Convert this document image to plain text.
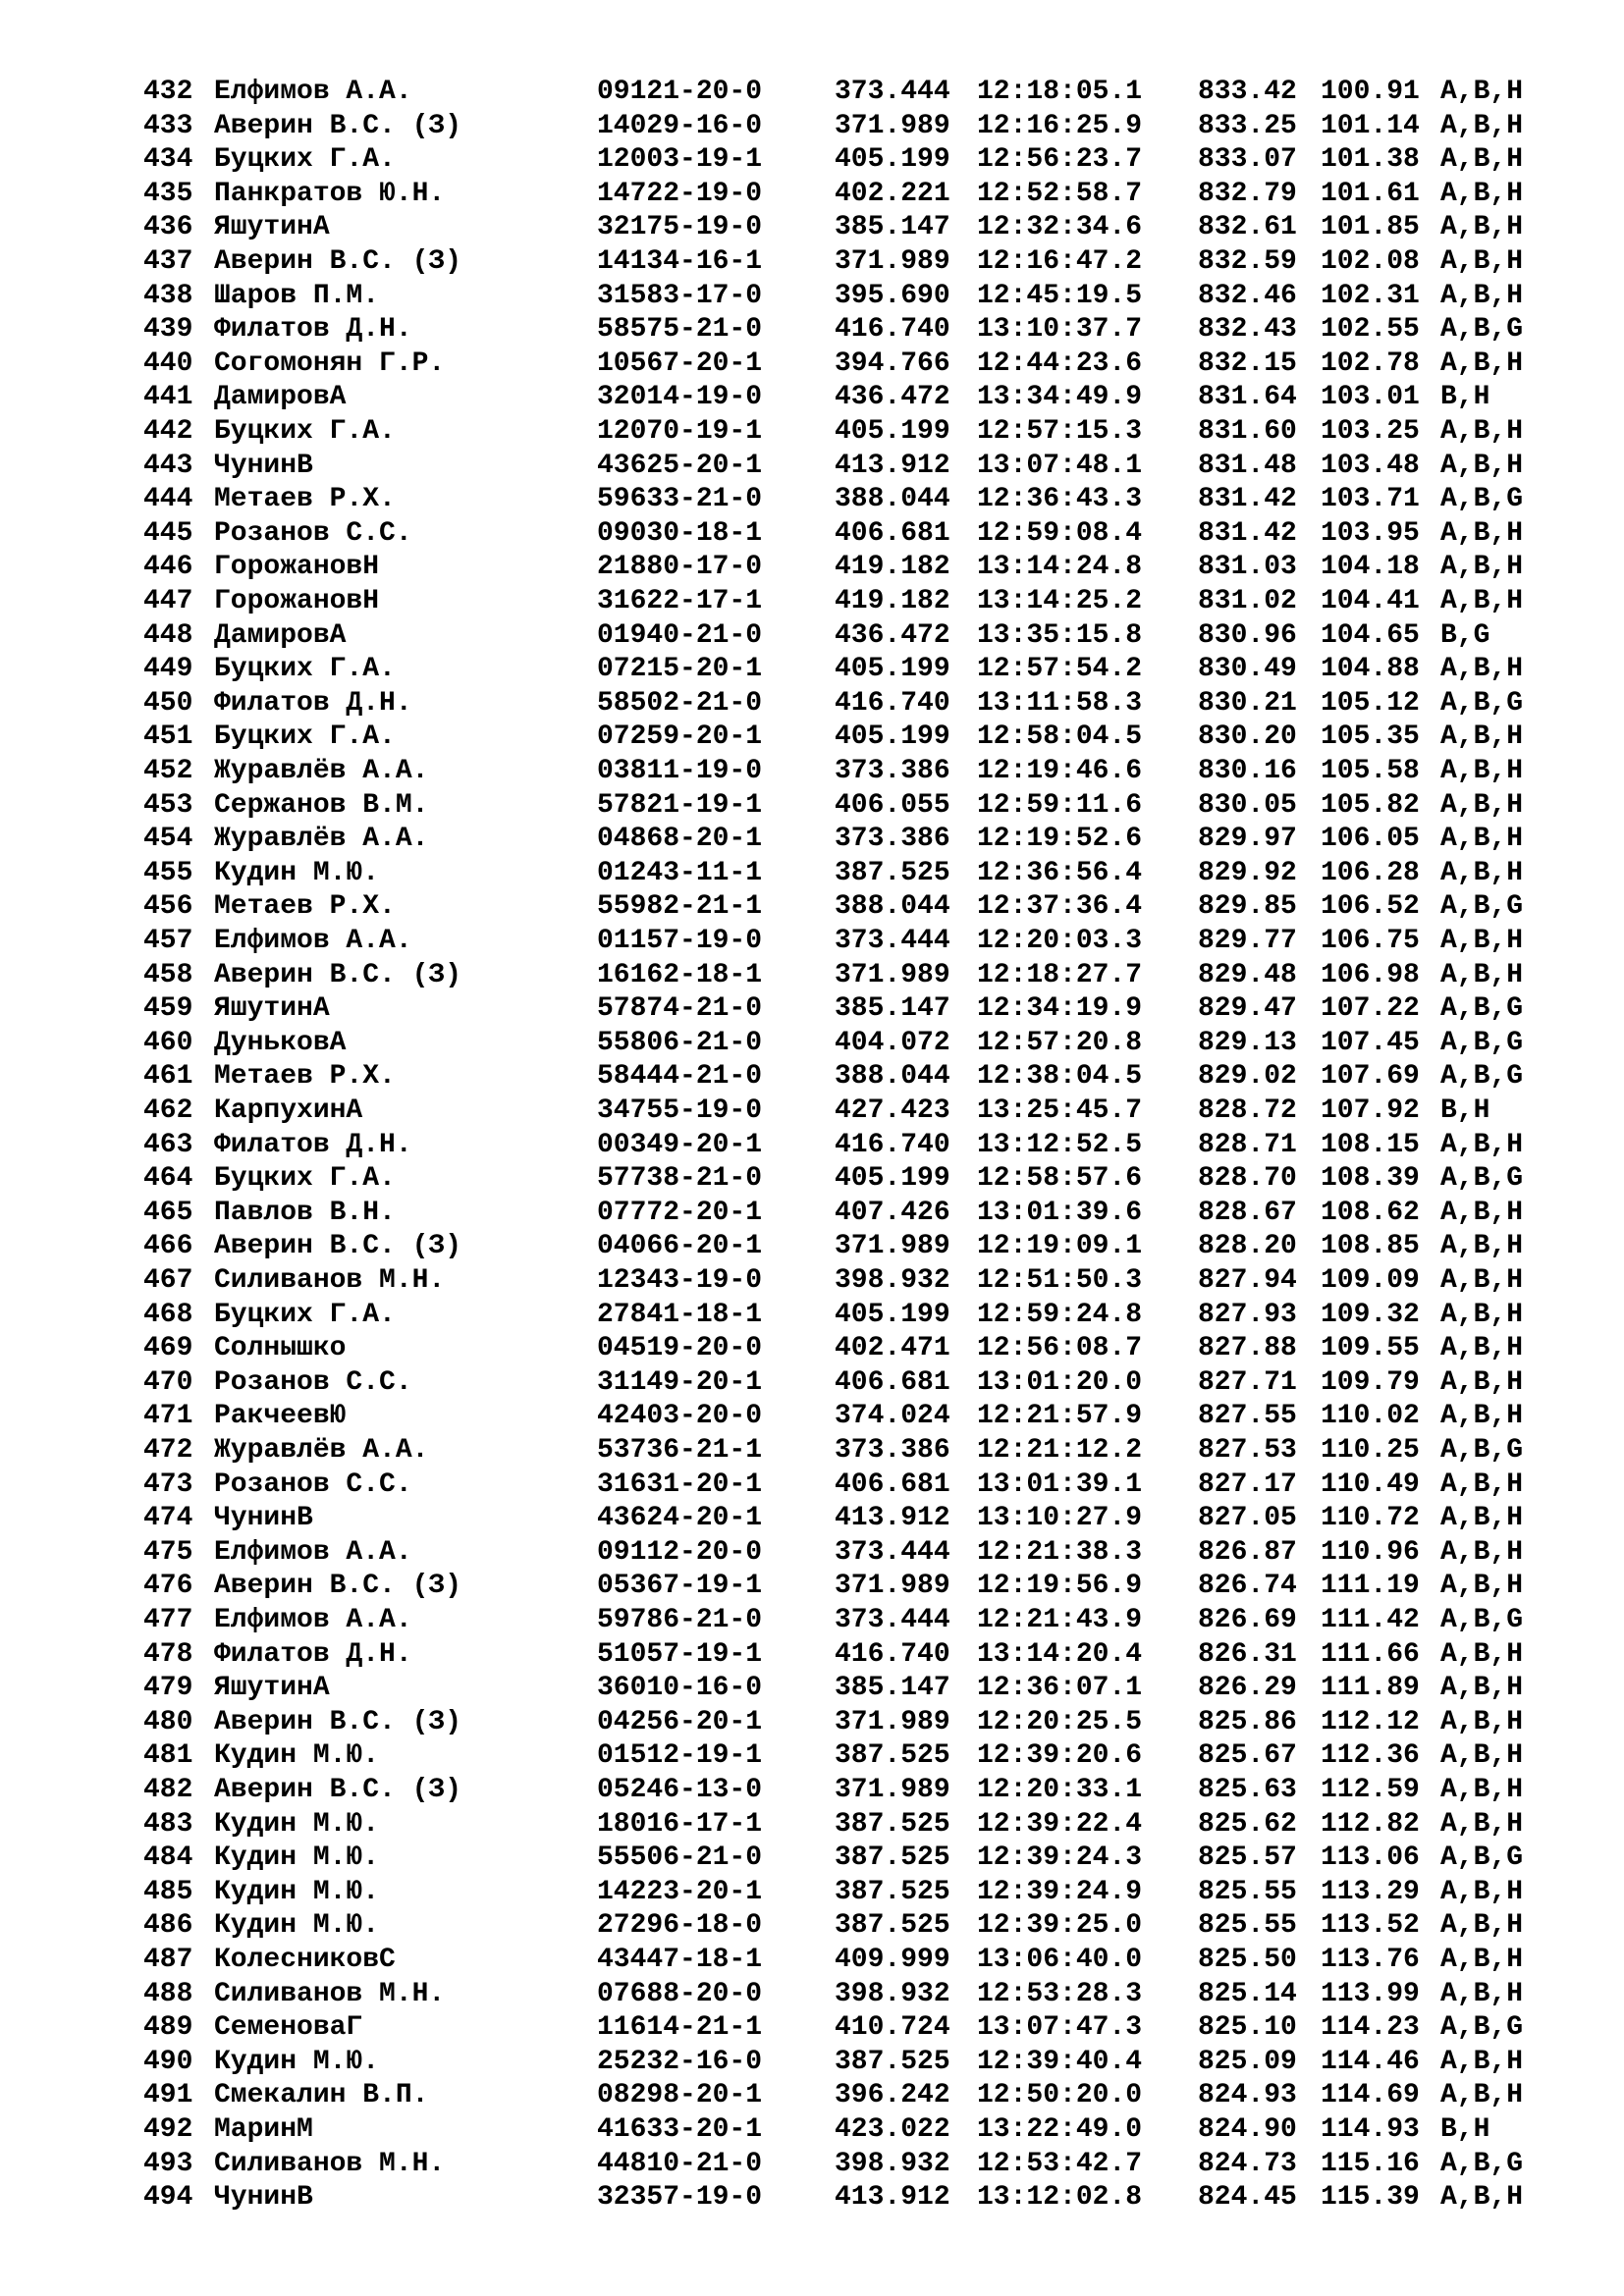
432 Елфимов А.А.	09121-20-0	373.444 12:18:05.1 833.42 100.91 A,B,H
433 Аверин В.С. (З)	14029-16-0	371.989 12:16:25.9 833.25 101.14 A,B,H
434 Буцких Г.А.	12003-19-1	405.199 12:56:23.7 833.07 101.38 A,B,H
435 Панкратов Ю.Н.	14722-19-0	402.221 12:52:58.7 832.79 101.61 A,B,H
436 ЯшутинА	32175-19-0	385.147 12:32:34.6 832.61 101.85 A,B,H
437 Аверин В.С. (З)	14134-16-1	371.989 12:16:47.2 832.59 102.08 A,B,H
438 Шаров П.М.	31583-17-0	395.690 12:45:19.5 832.46 102.31 A,B,H
439 Филатов Д.Н.	58575-21-0	416.740 13:10:37.7 832.43 102.55 A,B,G
440 Согомонян Г.Р.	10567-20-1	394.766 12:44:23.6 832.15 102.78 A,B,H
441 ДамировА	32014-19-0	436.472 13:34:49.9 831.64 103.01 B,H
442 Буцких Г.А.	12070-19-1	405.199 12:57:15.3 831.60 103.25 A,B,H
443 ЧунинВ	43625-20-1	413.912 13:07:48.1 831.48 103.48 A,B,H
444 Метаев Р.Х.	59633-21-0	388.044 12:36:43.3 831.42 103.71 A,B,G
445 Розанов С.С.	09030-18-1	406.681 12:59:08.4 831.42 103.95 A,B,H
446 ГорожановН	21880-17-0	419.182 13:14:24.8 831.03 104.18 A,B,H
447 ГорожановН	31622-17-1	419.182 13:14:25.2 831.02 104.41 A,B,H
448 ДамировА	01940-21-0	436.472 13:35:15.8 830.96 104.65 B,G
449 Буцких Г.А.	07215-20-1	405.199 12:57:54.2 830.49 104.88 A,B,H
450 Филатов Д.Н.	58502-21-0	416.740 13:11:58.3 830.21 105.12 A,B,G
451 Буцких Г.А.	07259-20-1	405.199 12:58:04.5 830.20 105.35 A,B,H
452 Журавлёв А.А.	03811-19-0	373.386 12:19:46.6 830.16 105.58 A,B,H
453 Сержанов В.М.	57821-19-1	406.055 12:59:11.6 830.05 105.82 A,B,H
454 Журавлёв А.А.	04868-20-1	373.386 12:19:52.6 829.97 106.05 A,B,H
455 Кудин М.Ю.	01243-11-1	387.525 12:36:56.4 829.92 106.28 A,B,H
456 Метаев Р.Х.	55982-21-1	388.044 12:37:36.4 829.85 106.52 A,B,G
457 Елфимов А.А.	01157-19-0	373.444 12:20:03.3 829.77 106.75 A,B,H
458 Аверин В.С. (З)	16162-18-1	371.989 12:18:27.7 829.48 106.98 A,B,H
459 ЯшутинА	57874-21-0	385.147 12:34:19.9 829.47 107.22 A,B,G
460 ДуньковА	55806-21-0	404.072 12:57:20.8 829.13 107.45 A,B,G
461 Метаев Р.Х.	58444-21-0	388.044 12:38:04.5 829.02 107.69 A,B,G
462 КарпухинА	34755-19-0	427.423 13:25:45.7 828.72 107.92 B,H
463 Филатов Д.Н.	00349-20-1	416.740 13:12:52.5 828.71 108.15 A,B,H
464 Буцких Г.А.	57738-21-0	405.199 12:58:57.6 828.70 108.39 A,B,G
465 Павлов В.Н.	07772-20-1	407.426 13:01:39.6 828.67 108.62 A,B,H
466 Аверин В.С. (З)	04066-20-1	371.989 12:19:09.1 828.20 108.85 A,B,H
467 Силиванов М.Н.	12343-19-0	398.932 12:51:50.3 827.94 109.09 A,B,H
468 Буцких Г.А.	27841-18-1	405.199 12:59:24.8 827.93 109.32 A,B,H
469 Солнышко	04519-20-0	402.471 12:56:08.7 827.88 109.55 A,B,H
470 Розанов С.С.	31149-20-1	406.681 13:01:20.0 827.71 109.79 A,B,H
471 РакчеевЮ	42403-20-0	374.024 12:21:57.9 827.55 110.02 A,B,H
472 Журавлёв А.А.	53736-21-1	373.386 12:21:12.2 827.53 110.25 A,B,G
473 Розанов С.С.	31631-20-1	406.681 13:01:39.1 827.17 110.49 A,B,H
474 ЧунинВ	43624-20-1	413.912 13:10:27.9 827.05 110.72 A,B,H
475 Елфимов А.А.	09112-20-0	373.444 12:21:38.3 826.87 110.96 A,B,H
476 Аверин В.С. (З)	05367-19-1	371.989 12:19:56.9 826.74 111.19 A,B,H
477 Елфимов А.А.	59786-21-0	373.444 12:21:43.9 826.69 111.42 A,B,G
478 Филатов Д.Н.	51057-19-1	416.740 13:14:20.4 826.31 111.66 A,B,H
479 ЯшутинА	36010-16-0	385.147 12:36:07.1 826.29 111.89 A,B,H
480 Аверин В.С. (З)	04256-20-1	371.989 12:20:25.5 825.86 112.12 A,B,H
481 Кудин М.Ю.	01512-19-1	387.525 12:39:20.6 825.67 112.36 A,B,H
482 Аверин В.С. (З)	05246-13-0	371.989 12:20:33.1 825.63 112.59 A,B,H
483 Кудин М.Ю.	18016-17-1	387.525 12:39:22.4 825.62 112.82 A,B,H
484 Кудин М.Ю.	55506-21-0	387.525 12:39:24.3 825.57 113.06 A,B,G
485 Кудин М.Ю.	14223-20-1	387.525 12:39:24.9 825.55 113.29 A,B,H
486 Кудин М.Ю.	27296-18-0	387.525 12:39:25.0 825.55 113.52 A,B,H
487 КолесниковС	43447-18-1	409.999 13:06:40.0 825.50 113.76 A,B,H
488 Силиванов М.Н.	07688-20-0	398.932 12:53:28.3 825.14 113.99 A,B,H
489 СеменоваГ	11614-21-1	410.724 13:07:47.3 825.10 114.23 A,B,G
490 Кудин М.Ю.	25232-16-0	387.525 12:39:40.4 825.09 114.46 A,B,H
491 Смекалин В.П.	08298-20-1	396.242 12:50:20.0 824.93 114.69 A,B,H
492 МаринМ	41633-20-1	423.022 13:22:49.0 824.90 114.93 B,H
493 Силиванов М.Н.	44810-21-0	398.932 12:53:42.7 824.73 115.16 A,B,G
494 ЧунинВ	32357-19-0	413.912 13:12:02.8 824.45 115.39 A,B,H
